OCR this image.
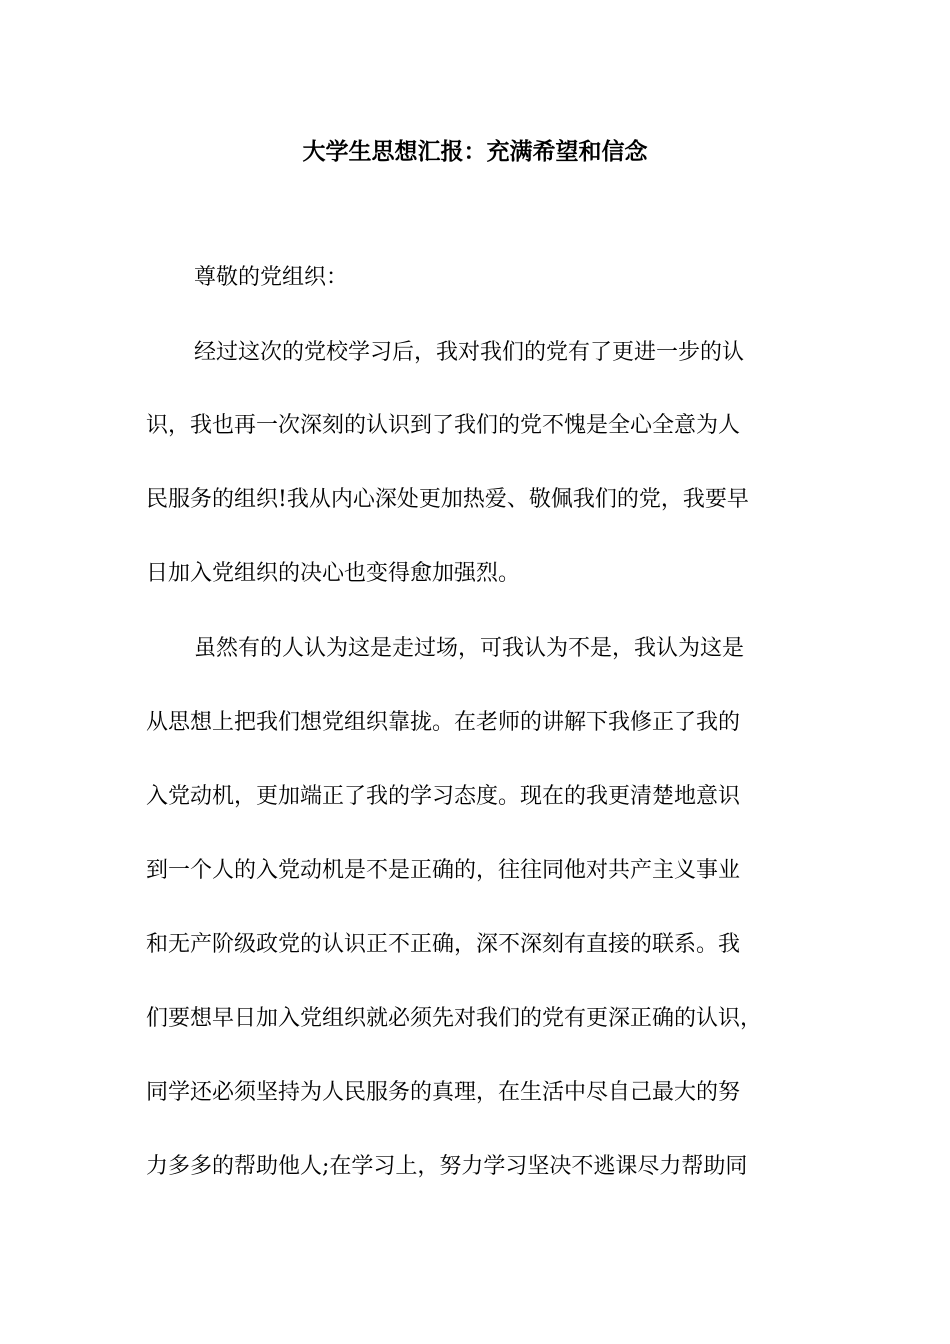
大学生思想汇报：充满希望和信念
尊敬的党组织：
经过这次的党校学习后，我对我们的党有了更进一步的认
识，我也再一次深刻的认识到了我们的党不愧是全心全意为人
民服务的组织!我从内心深处更加热爱、敬佩我们的党，我要早
日加入党组织的决心也变得愈加强烈。
虽然有的人认为这是走过场，可我认为不是，我认为这是
从思想上把我们想党组织靠拢。在老师的讲解下我修正了我的
入党动机，更加端正了我的学习态度。现在的我更清楚地意识
到一个人的入党动机是不是正确的，往往同他对共产主义事业
和无产阶级政党的认识正不正确，深不深刻有直接的联系。我
们要想早日加入党组织就必须先对我们的党有更深正确的认识，
同学还必须坚持为人民服务的真理，在生活中尽自己最大的努
力多多的帮助他人;在学习上，努力学习坚决不逃课尽力帮助同
